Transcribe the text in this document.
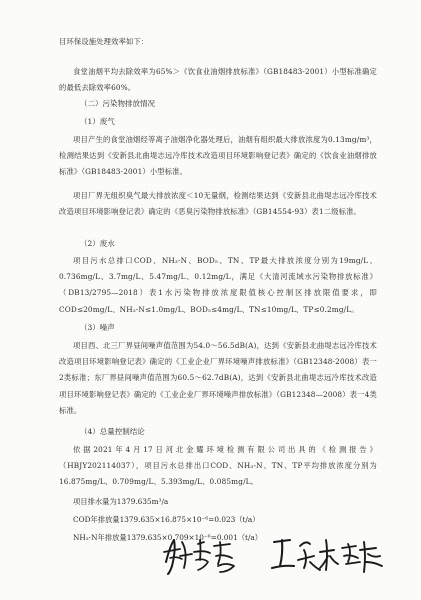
目环保设施处理效率如下：

食堂油烟平均去除效率为65%＞《饮食业油烟排放标准》（GB18483-2001）小型标准确定的最低去除效率60%。

（二）污染物排放情况

（1）废气

项目产生的食堂油烟经等离子油烟净化器处理后，油烟有组织最大排放浓度为0.13mg/m³，检测结果达到《安新县北曲堤志远冷库技术改造项目环境影响登记表》确定的《饮食业油烟排放标准》（GB18483-2001）小型标准。

项目厂界无组织臭气最大排放浓度＜10无量纲，检测结果达到《安新县北曲堤志远冷库技术改造项目环境影响登记表》确定的《恶臭污染物排放标准》（GB14554-93）表1二级标准。

（2）废水

项目污水总排口COD、NH₃-N、BOD₅、TN、TP最大排放浓度分别为19mg/L、0.736mg/L、3.7mg/L、5.47mg/L、0.12mg/L，满足《大清河流域水污染物排放标准》（DB13/2795—2018）表1水污染物排放浓度限值核心控制区排放限值要求，即COD≤20mg/L、NH₃-N≤1.0mg/L、BOD₅≤4mg/L、TN≤10mg/L、TP≤0.2mg/L。

（3）噪声

项目西、北三厂界昼间噪声值范围为54.0～56.5dB(A)，达到《安新县北曲堤志远冷库技术改造项目环境影响登记表》确定的《工业企业厂界环境噪声排放标准》（GB12348-2008）表一2类标准；东厂界昼间噪声值范围为60.5～62.7dB(A)，达到《安新县北曲堤志远冷库技术改造项目环境影响登记表》确定的《工业企业厂界环境噪声排放标准》（GB12348—2008）表一4类标准。

（4）总量控制结论

依据2021年4月17日河北金耀环境检测有限公司出具的《检测报告》（HBJY202114037），项目污水总排出口COD、NH₃-N、TN、TP平均排放浓度分别为16.875mg/L、0.709mg/L、5.393mg/L、0.085mg/L。

项目排水量为1379.635m³/a

COD年排放量1379.635×16.875×10⁻⁶=0.023（t/a）

NH₃-N年排放量1379.635×0.709×10⁻⁶=0.001（t/a）
